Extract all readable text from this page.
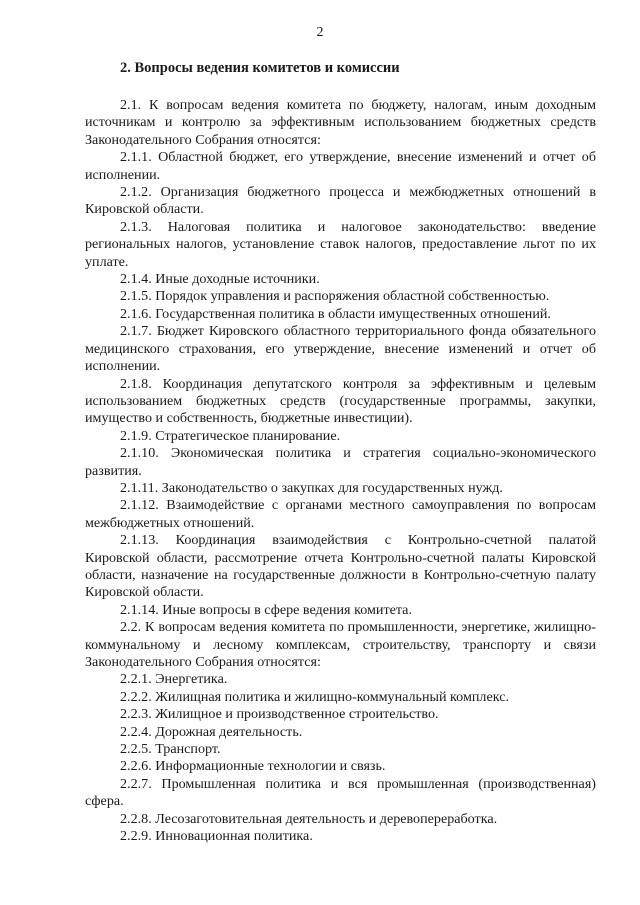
2
2. Вопросы ведения комитетов и комиссии

2.1. К вопросам ведения комитета по бюджету, налогам, иным доходным источникам и контролю за эффективным использованием бюджетных средств Законодательного Собрания относятся:

2.1.1. Областной бюджет, его утверждение, внесение изменений и отчет об исполнении.

2.1.2. Организация бюджетного процесса и межбюджетных отношений в Кировской области.

2.1.3. Налоговая политика и налоговое законодательство: введение региональных налогов, установление ставок налогов, предоставление льгот по их уплате.

2.1.4. Иные доходные источники.

2.1.5. Порядок управления и распоряжения областной собственностью.

2.1.6. Государственная политика в области имущественных отношений.

2.1.7. Бюджет Кировского областного территориального фонда обязательного медицинского страхования, его утверждение, внесение изменений и отчет об исполнении.

2.1.8. Координация депутатского контроля за эффективным и целевым использованием бюджетных средств (государственные программы, закупки, имущество и собственность, бюджетные инвестиции).

2.1.9. Стратегическое планирование.

2.1.10. Экономическая политика и стратегия социально-экономического развития.

2.1.11. Законодательство о закупках для государственных нужд.

2.1.12. Взаимодействие с органами местного самоуправления по вопросам межбюджетных отношений.

2.1.13. Координация взаимодействия с Контрольно-счетной палатой Кировской области, рассмотрение отчета Контрольно-счетной палаты Кировской области, назначение на государственные должности в Контрольно-счетную палату Кировской области.

2.1.14. Иные вопросы в сфере ведения комитета.

2.2. К вопросам ведения комитета по промышленности, энергетике, жилищно-коммунальному и лесному комплексам, строительству, транспорту и связи Законодательного Собрания относятся:

2.2.1. Энергетика.

2.2.2. Жилищная политика и жилищно-коммунальный комплекс.

2.2.3. Жилищное и производственное строительство.

2.2.4. Дорожная деятельность.

2.2.5. Транспорт.

2.2.6. Информационные технологии и связь.

2.2.7. Промышленная политика и вся промышленная (производственная) сфера.

2.2.8. Лесозаготовительная деятельность и деревопереработка.

2.2.9. Инновационная политика.
